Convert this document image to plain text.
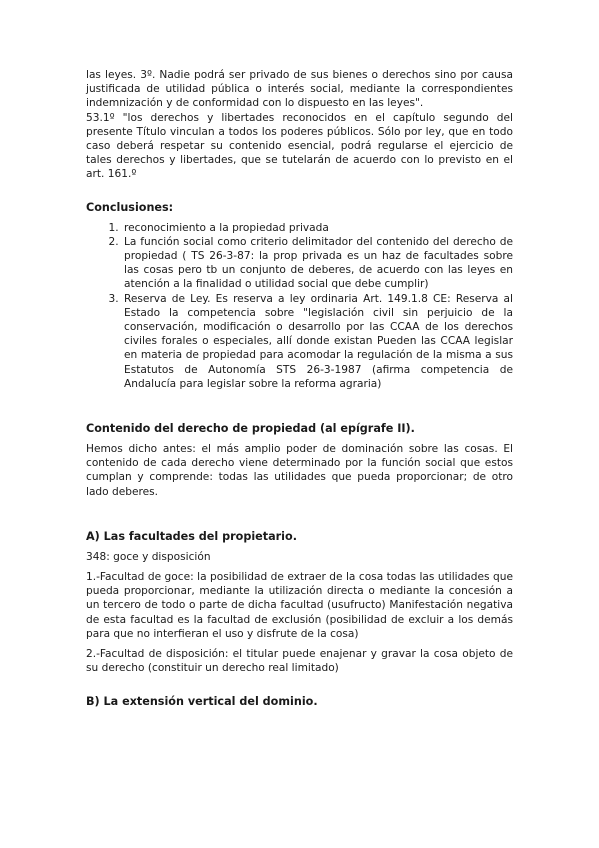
las leyes. 3º. Nadie podrá ser privado de sus bienes o derechos sino por causa justificada de utilidad pública o interés social, mediante la correspondientes indemnización y de conformidad con lo dispuesto en las leyes".

53.1º "los derechos y libertades reconocidos en el capítulo segundo del presente Título vinculan a todos los poderes públicos. Sólo por ley, que en todo caso deberá respetar su contenido esencial, podrá regularse el ejercicio de tales derechos y libertades, que se tutelarán de acuerdo con lo previsto en el art. 161.º

Conclusiones:
1. reconocimiento a la propiedad privada
2. La función social como criterio delimitador del contenido del derecho de propiedad ( TS 26-3-87: la prop privada es un haz de facultades sobre las cosas pero tb un conjunto de deberes, de acuerdo con las leyes en atención a la finalidad o utilidad social que debe cumplir)
3. Reserva de Ley. Es reserva a ley ordinaria Art. 149.1.8 CE: Reserva al Estado la competencia sobre "legislación civil sin perjuicio de la conservación, modificación o desarrollo por las CCAA de los derechos civiles forales o especiales, allí donde existan Pueden las CCAA legislar en materia de propiedad para acomodar la regulación de la misma a sus Estatutos de Autonomía STS 26-3-1987 (afirma competencia de Andalucía para legislar sobre la reforma agraria)
Contenido del derecho de propiedad (al epígrafe II).

Hemos dicho antes: el más amplio poder de dominación sobre las cosas. El contenido de cada derecho viene determinado por la función social que estos cumplan y comprende: todas las utilidades que pueda proporcionar; de otro lado deberes.

A) Las facultades del propietario.

348: goce y disposición

1.-Facultad de goce: la posibilidad de extraer de la cosa todas las utilidades que pueda proporcionar, mediante la utilización directa o mediante la concesión a un tercero de todo o parte de dicha facultad (usufructo) Manifestación negativa de esta facultad es la facultad de exclusión (posibilidad de excluir a los demás para que no interfieran el uso y disfrute de la cosa)

2.-Facultad de disposición: el titular puede enajenar y gravar la cosa objeto de su derecho (constituir un derecho real limitado)

B) La extensión vertical del dominio.
